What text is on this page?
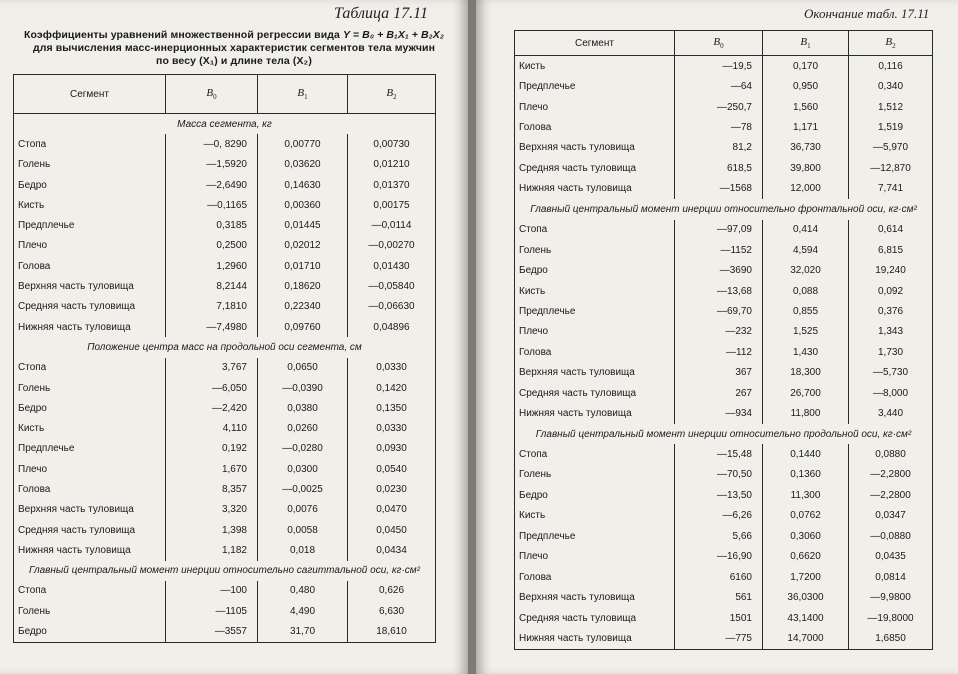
Таблица 17.11
Коэффициенты уравнений множественной регрессии вида Y = B₀ + B₁X₁ + B₂X₂
для вычисления масс-инерционных характеристик сегментов тела мужчин
по весу (X₁) и длине тела (X₂)
Сегмент	$B_0$	$B_1$	$B_2$
Масса сегмента, кг			
Стопа	—0, 8290	0,00770	0,00730
Голень	—1,5920	0,03620	0,01210
Бедро	—2,6490	0,14630	0,01370
Кисть	—0,1165	0,00360	0,00175
Предплечье	0,3185	0,01445	—0,0114
Плечо	0,2500	0,02012	—0,00270
Голова	1,2960	0,01710	0,01430
Верхняя часть туловища	8,2144	0,18620	—0,05840
Средняя часть туловища	7,1810	0,22340	—0,06630
Нижняя часть туловища	—7,4980	0,09760	0,04896
Положение центра масс на продольной оси сегмента, см			
Стопа	3,767	0,0650	0,0330
Голень	—6,050	—0,0390	0,1420
Бедро	—2,420	0,0380	0,1350
Кисть	4,110	0,0260	0,0330
Предплечье	0,192	—0,0280	0,0930
Плечо	1,670	0,0300	0,0540
Голова	8,357	—0,0025	0,0230
Верхняя часть туловища	3,320	0,0076	0,0470
Средняя часть туловища	1,398	0,0058	0,0450
Нижняя часть туловища	1,182	0,018	0,0434
Главный центральный момент инерции относительно сагиттальной оси, кг·см²			
Стопа	—100	0,480	0,626
Голень	—1105	4,490	6,630
Бедро	—3557	31,70	18,610
Окончание табл. 17.11
Сегмент	$B_0$	$B_1$	$B_2$
Кисть	—19,5	0,170	0,116
Предплечье	—64	0,950	0,340
Плечо	—250,7	1,560	1,512
Голова	—78	1,171	1,519
Верхняя часть туловища	81,2	36,730	—5,970
Средняя часть туловища	618,5	39,800	—12,870
Нижняя часть туловища	—1568	12,000	7,741
Главный центральный момент инерции относительно фронтальной оси, кг·см²			
Стопа	—97,09	0,414	0,614
Голень	—1152	4,594	6,815
Бедро	—3690	32,020	19,240
Кисть	—13,68	0,088	0,092
Предплечье	—69,70	0,855	0,376
Плечо	—232	1,525	1,343
Голова	—112	1,430	1,730
Верхняя часть туловища	367	18,300	—5,730
Средняя часть туловища	267	26,700	—8,000
Нижняя часть туловища	—934	11,800	3,440
Главный центральный момент инерции относительно продольной оси, кг·см²			
Стопа	—15,48	0,1440	0,0880
Голень	—70,50	0,1360	—2,2800
Бедро	—13,50	11,300	—2,2800
Кисть	—6,26	0,0762	0,0347
Предплечье	5,66	0,3060	—0,0880
Плечо	—16,90	0,6620	0,0435
Голова	6160	1,7200	0,0814
Верхняя часть туловища	561	36,0300	—9,9800
Средняя часть туловища	1501	43,1400	—19,8000
Нижняя часть туловища	—775	14,7000	1,6850
